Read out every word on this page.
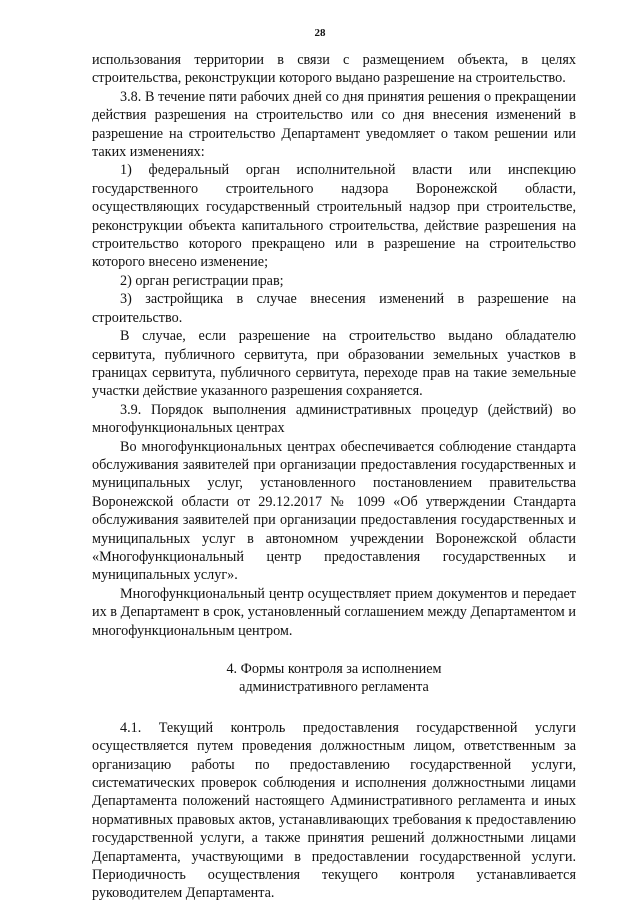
28

использования территории в связи с размещением объекта, в целях строительства, реконструкции которого выдано разрешение на строительство.

3.8. В течение пяти рабочих дней со дня принятия решения о прекращении действия разрешения на строительство или со дня внесения изменений в разрешение на строительство Департамент уведомляет о таком решении или таких изменениях:

1) федеральный орган исполнительной власти или инспекцию государственного строительного надзора Воронежской области, осуществляющих государственный строительный надзор при строительстве, реконструкции объекта капитального строительства, действие разрешения на строительство которого прекращено или в разрешение на строительство которого внесено изменение;

2) орган регистрации прав;

3) застройщика в случае внесения изменений в разрешение на строительство.

В случае, если разрешение на строительство выдано обладателю сервитута, публичного сервитута, при образовании земельных участков в границах сервитута, публичного сервитута, переходе прав на такие земельные участки действие указанного разрешения сохраняется.

3.9. Порядок выполнения административных процедур (действий) во многофункциональных центрах

Во многофункциональных центрах обеспечивается соблюдение стандарта обслуживания заявителей при организации предоставления государственных и муниципальных услуг, установленного постановлением правительства Воронежской области от 29.12.2017 № 1099 «Об утверждении Стандарта обслуживания заявителей при организации предоставления государственных и муниципальных услуг в автономном учреждении Воронежской области «Многофункциональный центр предоставления государственных и муниципальных услуг».

Многофункциональный центр осуществляет прием документов и передает их в Департамент в срок, установленный соглашением между Департаментом и многофункциональным центром.

4. Формы контроля за исполнением

административного регламента

4.1. Текущий контроль предоставления государственной услуги осуществляется путем проведения должностным лицом, ответственным за организацию работы по предоставлению государственной услуги, систематических проверок соблюдения и исполнения должностными лицами Департамента положений настоящего Административного регламента и иных нормативных правовых актов, устанавливающих требования к предоставлению государственной услуги, а также принятия решений должностными лицами Департамента, участвующими в предоставлении государственной услуги. Периодичность осуществления текущего контроля устанавливается руководителем Департамента.
